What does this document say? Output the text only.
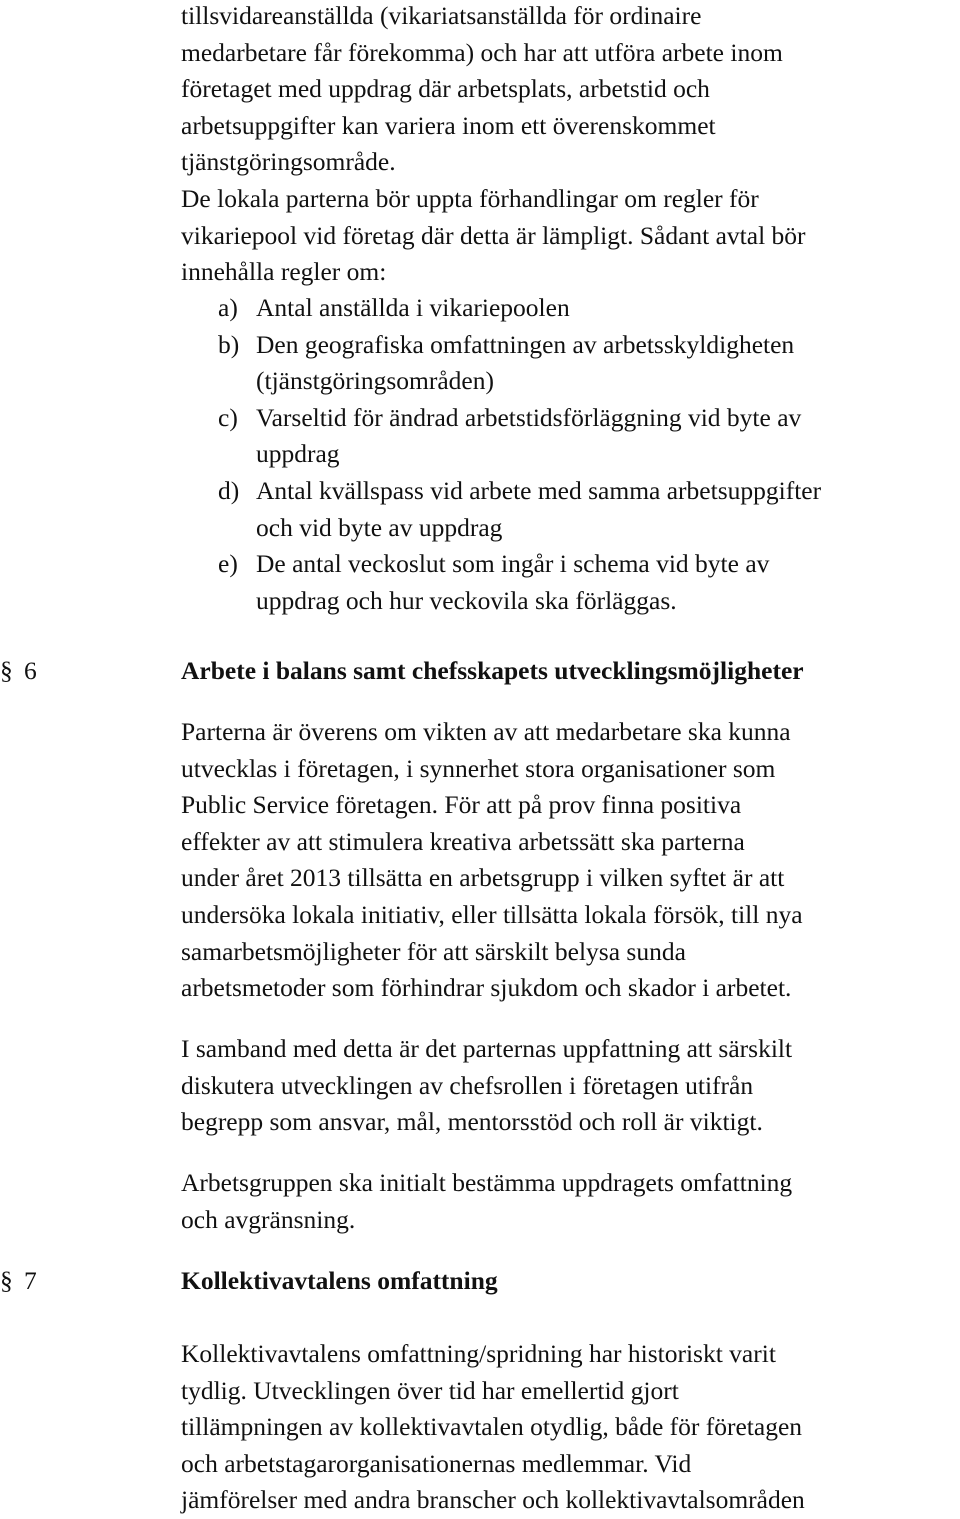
tillsvidareanställda (vikariatsanställda för ordinaire
medarbetare får förekomma) och har att utföra arbete inom
företaget med uppdrag där arbetsplats, arbetstid och
arbetsuppgifter kan variera inom ett överenskommet
tjänstgöringsområde.
De lokala parterna bör uppta förhandlingar om regler för
vikariepool vid företag där detta är lämpligt. Sådant avtal bör
innehålla regler om:
a) Antal anställda i vikariepoolen
b) Den geografiska omfattningen av arbetsskyldigheten
(tjänstgöringsområden)
c) Varseltid för ändrad arbetstidsförläggning vid byte av
uppdrag
d) Antal kvällspass vid arbete med samma arbetsuppgifter
och vid byte av uppdrag
e) De antal veckoslut som ingår i schema vid byte av
uppdrag och hur veckovila ska förläggas.
§ 6	Arbete i balans samt chefsskapets utvecklingsmöjligheter
Parterna är överens om vikten av att medarbetare ska kunna
utvecklas i företagen, i synnerhet stora organisationer som
Public Service företagen. För att på prov finna positiva
effekter av att stimulera kreativa arbetssätt ska parterna
under året 2013 tillsätta en arbetsgrupp i vilken syftet är att
undersöka lokala initiativ, eller tillsätta lokala försök, till nya
samarbetsmöjligheter för att särskilt belysa sunda
arbetsmetoder som förhindrar sjukdom och skador i arbetet.
I samband med detta är det parternas uppfattning att särskilt
diskutera utvecklingen av chefsrollen i företagen utifrån
begrepp som ansvar, mål, mentorsstöd och roll är viktigt.
Arbetsgruppen ska initialt bestämma uppdragets omfattning
och avgränsning.
§ 7	Kollektivavtalens omfattning
Kollektivavtalens omfattning/spridning har historiskt varit
tydlig. Utvecklingen över tid har emellertid gjort
tillämpningen av kollektivavtalen otydlig, både för företagen
och arbetstagarorganisationernas medlemmar. Vid
jämförelser med andra branscher och kollektivavtalsområden
